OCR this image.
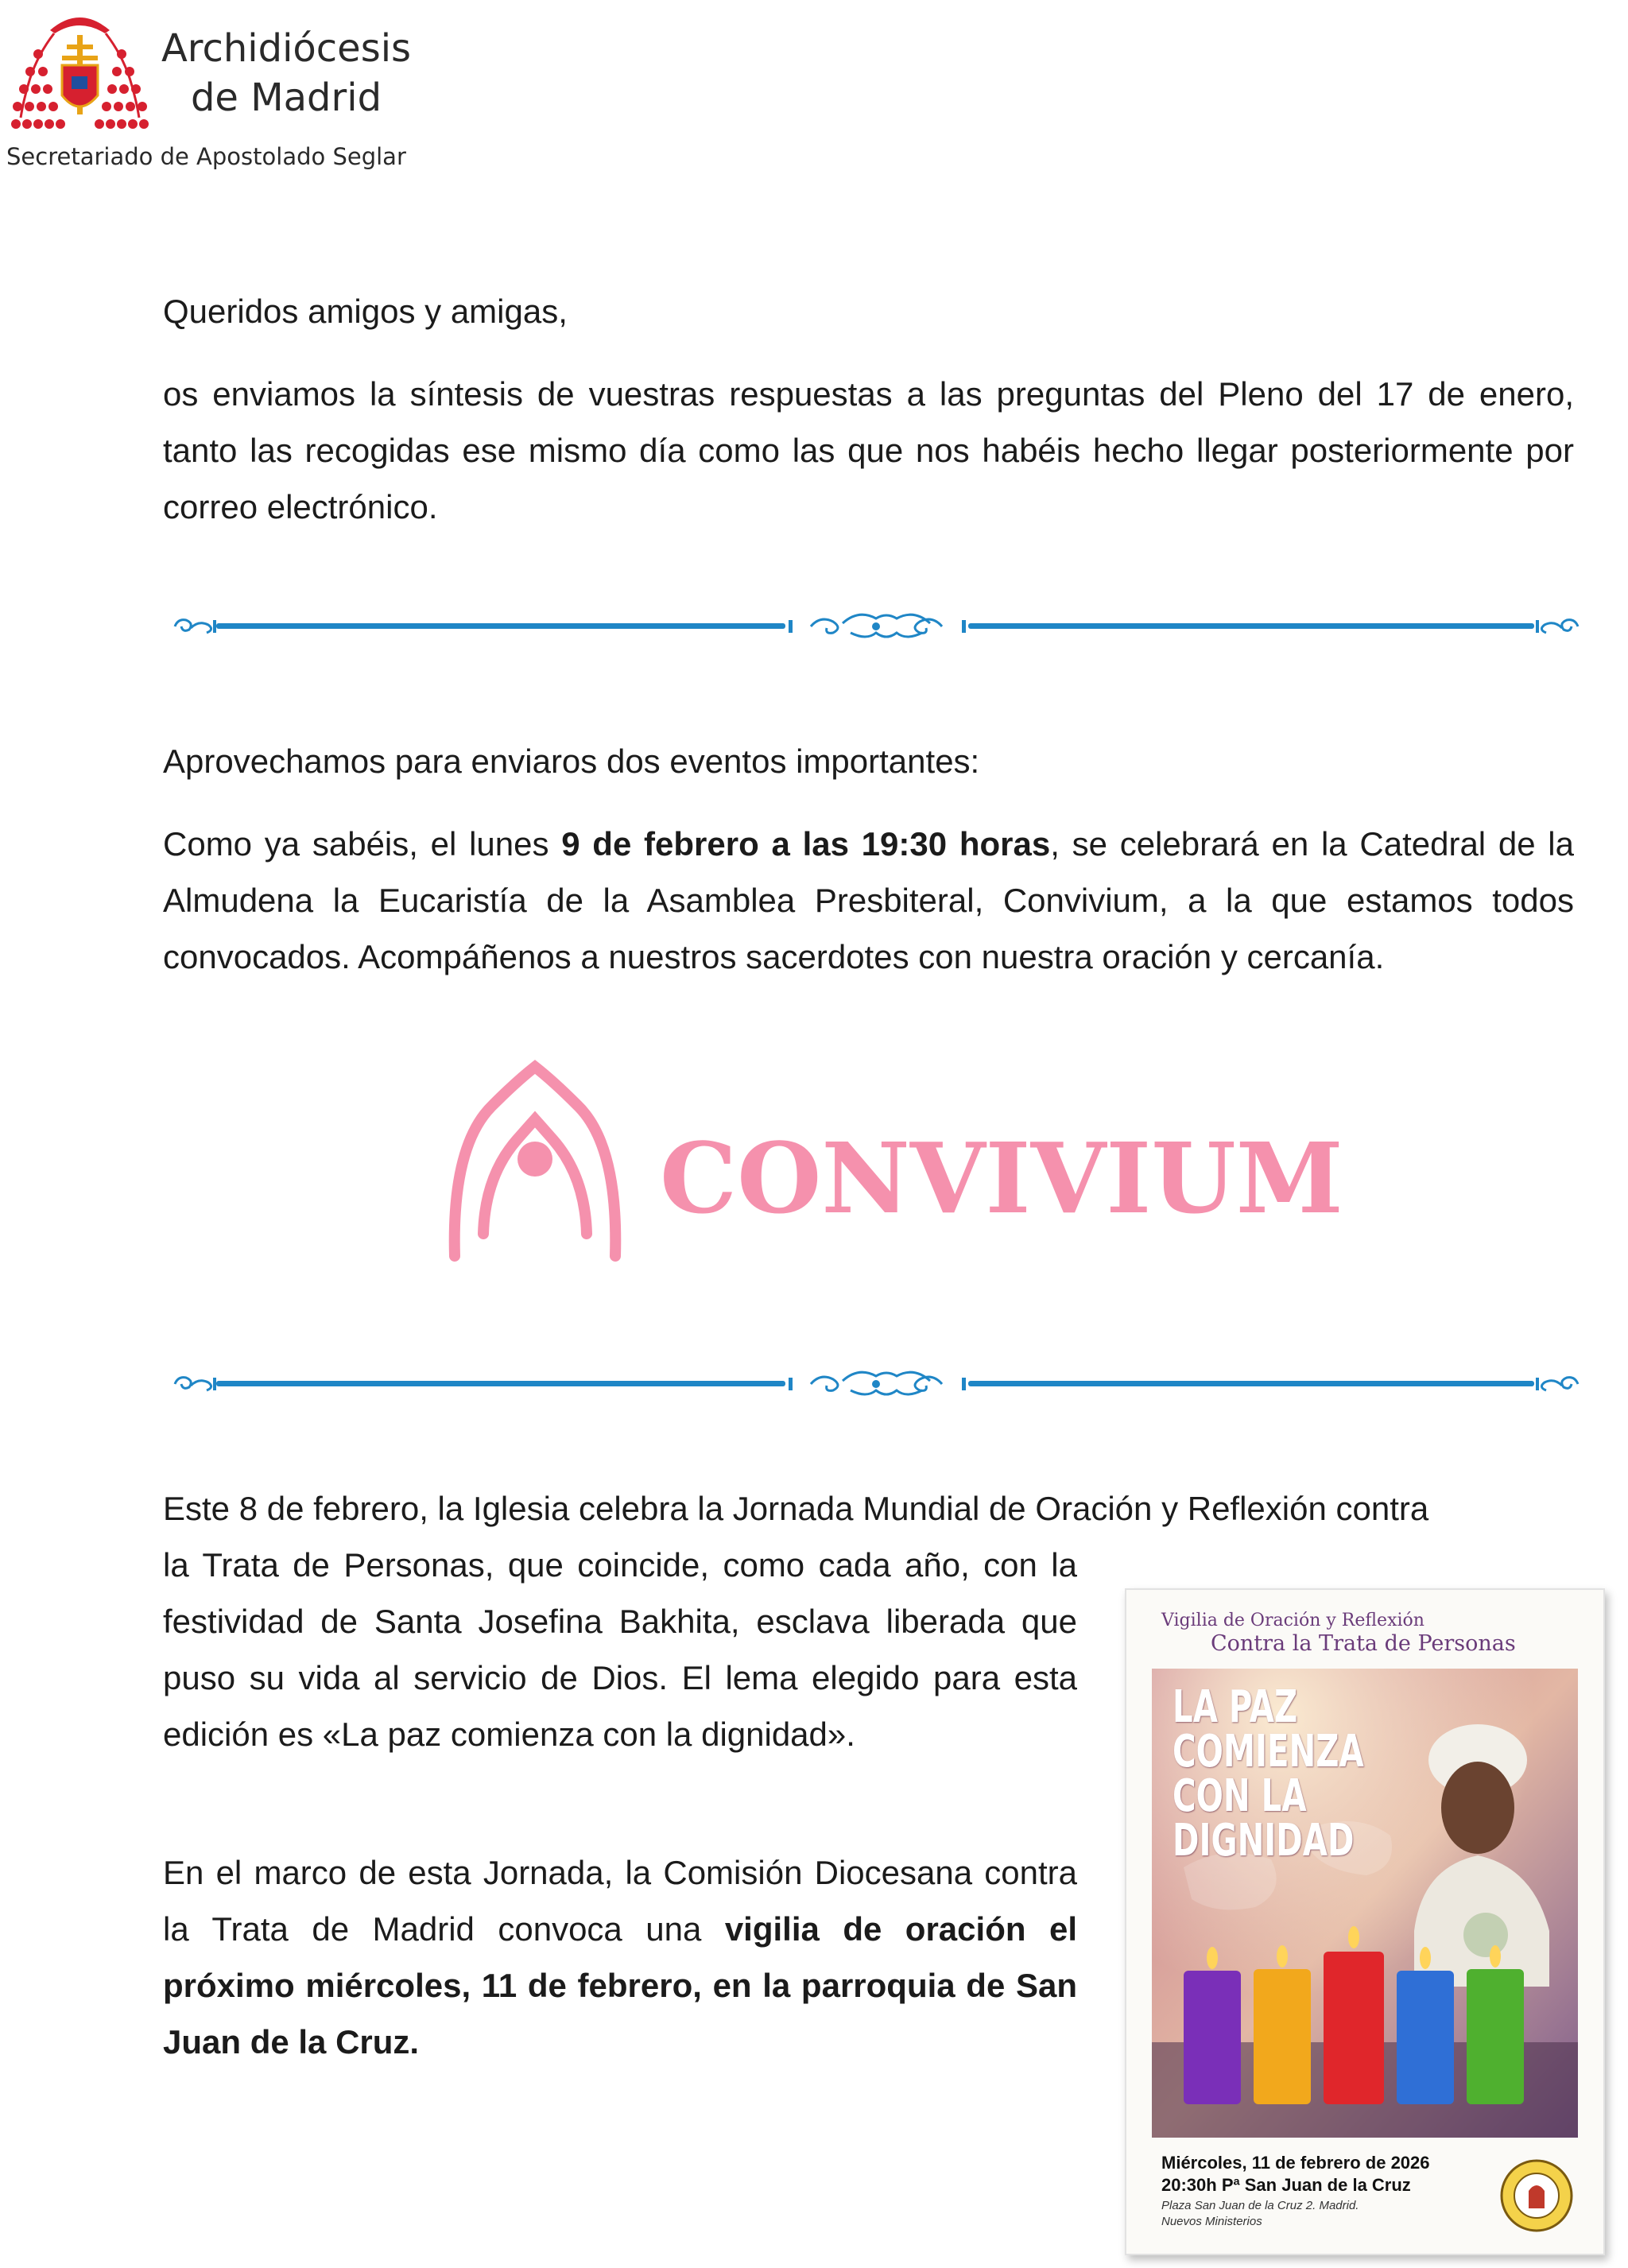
Archidiócesis
de Madrid
Secretariado de Apostolado Seglar

Queridos amigos y amigas,

os enviamos la síntesis de vuestras respuestas a las preguntas del Pleno del 17 de enero, tanto las recogidas ese mismo día como las que nos habéis hecho llegar posteriormente por correo electrónico.

Aprovechamos para enviaros dos eventos importantes:

Como ya sabéis, el lunes 9 de febrero a las 19:30 horas, se celebrará en la Catedral de la Almudena la Eucaristía de la Asamblea Presbiteral, Convivium, a la que estamos todos convocados. Acompáñenos a nuestros sacerdotes con nuestra oración y cercanía.

CONVIVIUM

Este 8 de febrero, la Iglesia celebra la Jornada Mundial de Oración y Reflexión contra

la Trata de Personas, que coincide, como cada año, con la festividad de Santa Josefina Bakhita, esclava liberada que puso su vida al servicio de Dios. El lema elegido para esta edición es «La paz comienza con la dignidad».

En el marco de esta Jornada, la Comisión Diocesana contra la Trata de Madrid convoca una vigilia de oración el próximo miércoles, 11 de febrero, en la parroquia de San Juan de la Cruz.

Vigilia de Oración y Reflexión
Contra la Trata de Personas
LA PAZ
COMIENZA
CON LA
DIGNIDAD
Miércoles, 11 de febrero de 2026
20:30h Pª San Juan de la Cruz
Plaza San Juan de la Cruz 2. Madrid.
Nuevos Ministerios
